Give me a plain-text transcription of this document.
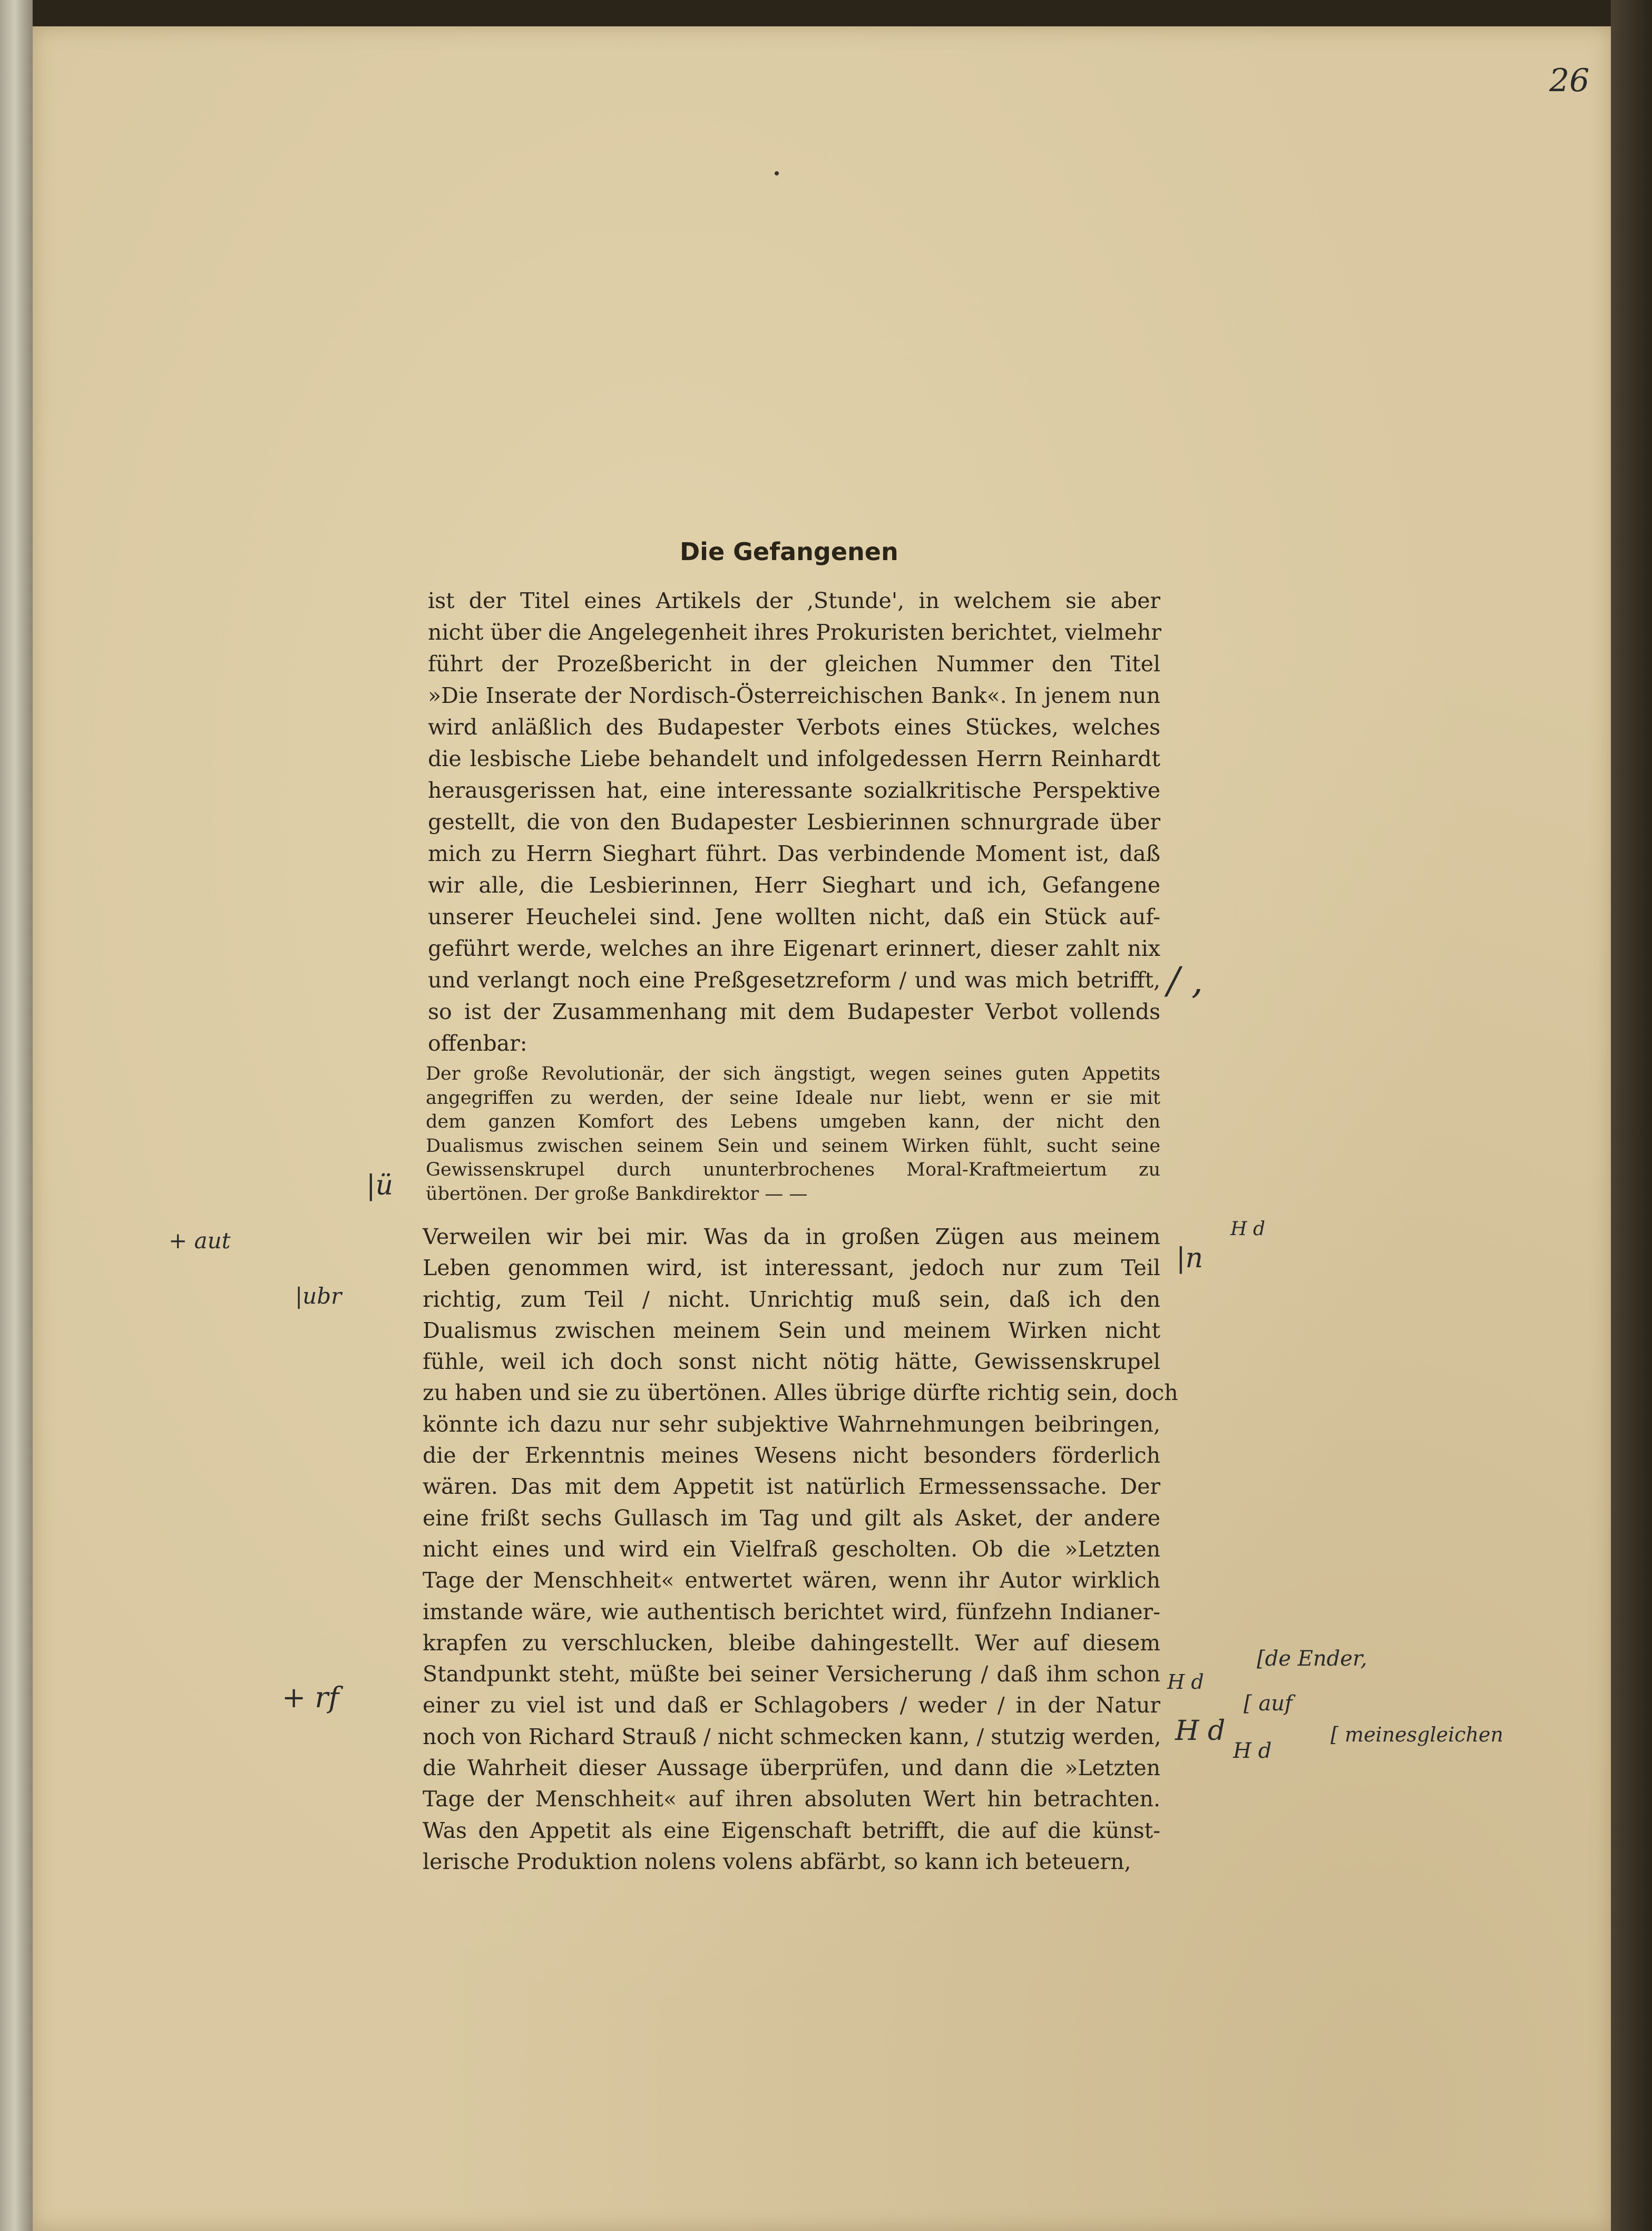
26
Die Gefangenen
ist der Titel eines Artikels der ‚Stunde', in welchem sie aber
nicht über die Angelegenheit ihres Prokuristen berichtet, vielmehr
führt der Prozeßbericht in der gleichen Nummer den Titel
»Die Inserate der Nordisch-Österreichischen Bank«. In jenem nun
wird anläßlich des Budapester Verbots eines Stückes, welches
die lesbische Liebe behandelt und infolgedessen Herrn Reinhardt
herausgerissen hat, eine interessante sozialkritische Perspektive
gestellt, die von den Budapester Lesbierinnen schnurgrade über
mich zu Herrn Sieghart führt. Das verbindende Moment ist, daß
wir alle, die Lesbierinnen, Herr Sieghart und ich, Gefangene
unserer Heuchelei sind. Jene wollten nicht, daß ein Stück auf-
geführt werde, welches an ihre Eigenart erinnert, dieser zahlt nix
und verlangt noch eine Preßgesetzreform / und was mich betrifft,
so ist der Zusammenhang mit dem Budapester Verbot vollends
offenbar:
Der große Revolutionär, der sich ängstigt, wegen seines guten Appetits
angegriffen zu werden, der seine Ideale nur liebt, wenn er sie mit
dem ganzen Komfort des Lebens umgeben kann, der nicht den
Dualismus zwischen seinem Sein und seinem Wirken fühlt, sucht seine
Gewissenskrupel durch ununterbrochenes Moral-Kraftmeiertum zu
übertönen. Der große Bankdirektor — —
Verweilen wir bei mir. Was da in großen Zügen aus meinem
Leben genommen wird, ist interessant, jedoch nur zum Teil
richtig, zum Teil / nicht. Unrichtig muß sein, daß ich den
Dualismus zwischen meinem Sein und meinem Wirken nicht
fühle, weil ich doch sonst nicht nötig hätte, Gewissenskrupel
zu haben und sie zu übertönen. Alles übrige dürfte richtig sein, doch
könnte ich dazu nur sehr subjektive Wahrnehmungen beibringen,
die der Erkenntnis meines Wesens nicht besonders förderlich
wären. Das mit dem Appetit ist natürlich Ermessenssache. Der
eine frißt sechs Gullasch im Tag und gilt als Asket, der andere
nicht eines und wird ein Vielfraß gescholten. Ob die »Letzten
Tage der Menschheit« entwertet wären, wenn ihr Autor wirklich
imstande wäre, wie authentisch berichtet wird, fünfzehn Indianer-
krapfen zu verschlucken, bleibe dahingestellt. Wer auf diesem
Standpunkt steht, müßte bei seiner Versicherung / daß ihm schon
einer zu viel ist und daß er Schlagobers / weder / in der Natur
noch von Richard Strauß / nicht schmecken kann, / stutzig werden,
die Wahrheit dieser Aussage überprüfen, und dann die »Letzten
Tage der Menschheit« auf ihren absoluten Wert hin betrachten.
Was den Appetit als eine Eigenschaft betrifft, die auf die künst-
lerische Produktion nolens volens abfärbt, so kann ich beteuern,
|ü
+ aut
|ubr
+ rf
/ ,
|n
H d
H d
[de Ender,
[ auf
H d
[ meinesgleichen
H d
